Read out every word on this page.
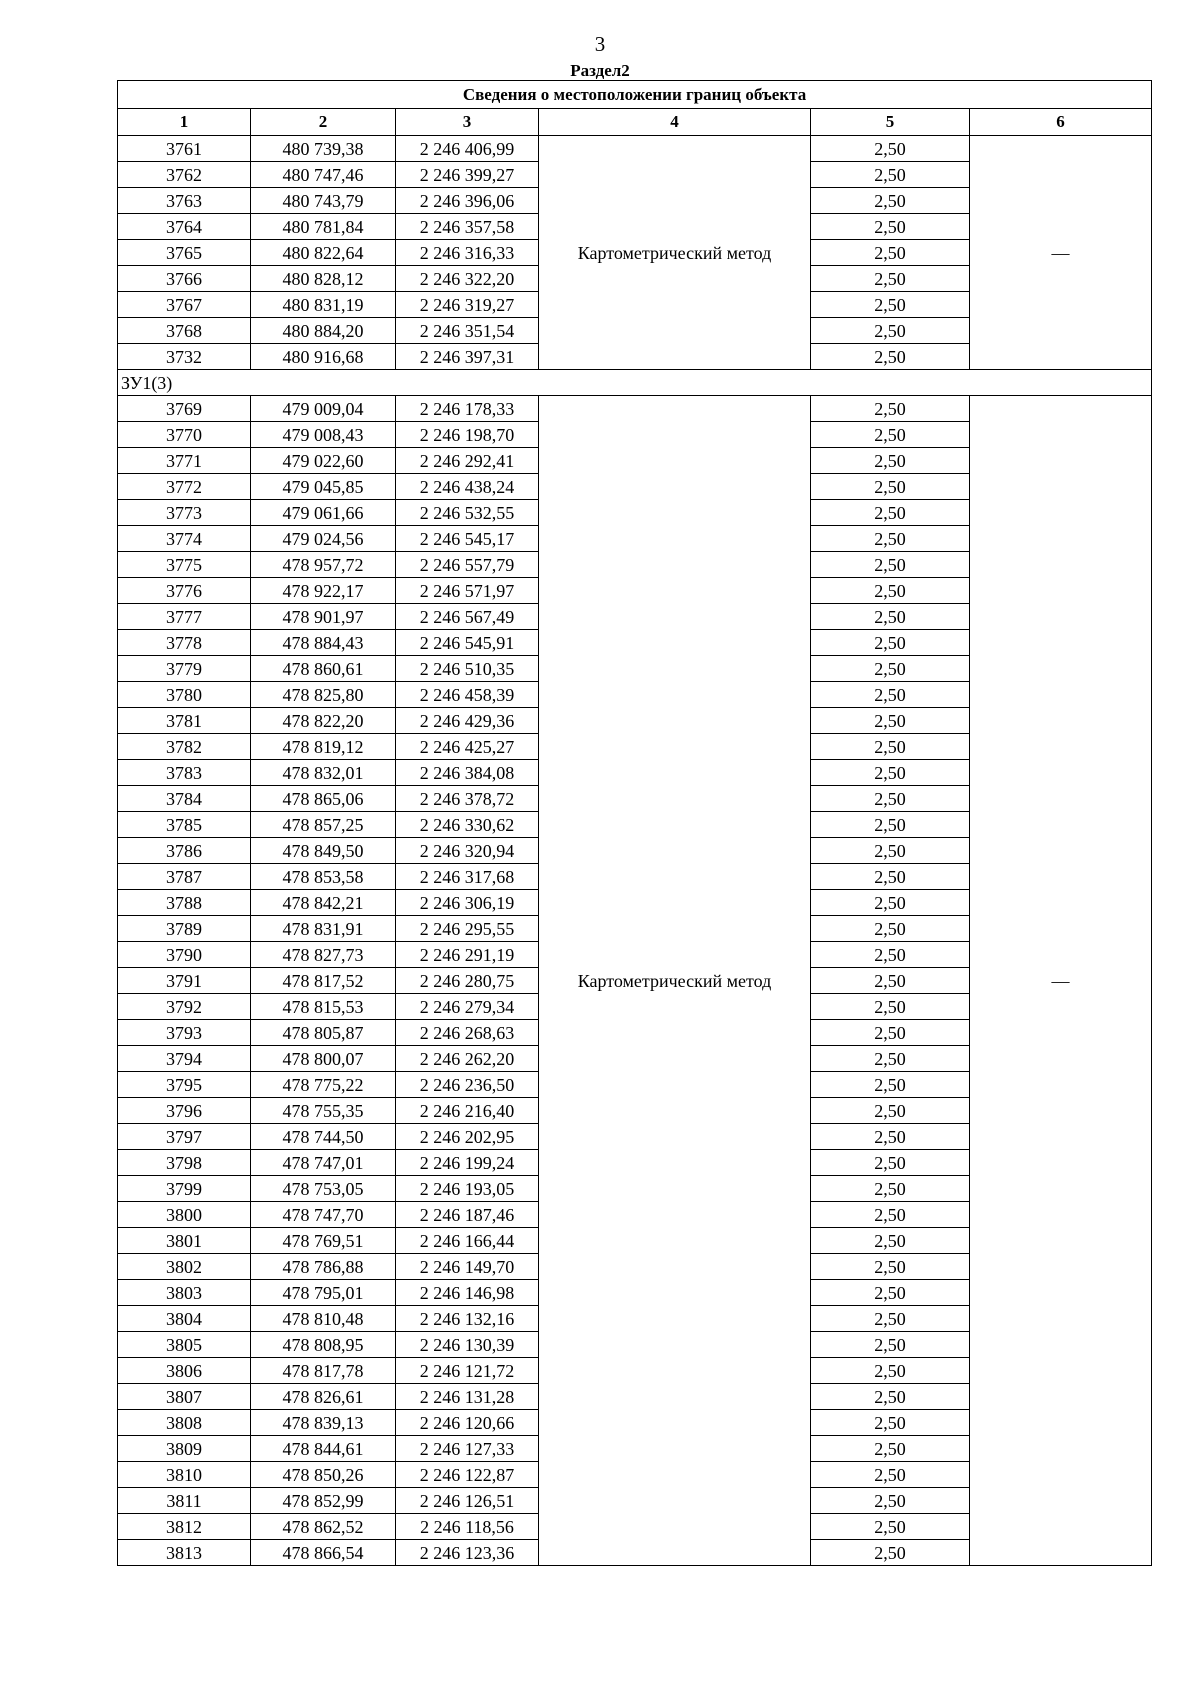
3
Раздел2
Сведения о местоположении границ объекта					
1	2	3	4	5	6
3761	480 739,38	2 246 406,99	Картометрический метод	2,50	—
3762	480 747,46	2 246 399,27		2,50	
3763	480 743,79	2 246 396,06		2,50	
3764	480 781,84	2 246 357,58		2,50	
3765	480 822,64	2 246 316,33		2,50	
3766	480 828,12	2 246 322,20		2,50	
3767	480 831,19	2 246 319,27		2,50	
3768	480 884,20	2 246 351,54		2,50	
3732	480 916,68	2 246 397,31		2,50	
ЗУ1(3)					
3769	479 009,04	2 246 178,33	Картометрический метод	2,50	—
3770	479 008,43	2 246 198,70		2,50	
3771	479 022,60	2 246 292,41		2,50	
3772	479 045,85	2 246 438,24		2,50	
3773	479 061,66	2 246 532,55		2,50	
3774	479 024,56	2 246 545,17		2,50	
3775	478 957,72	2 246 557,79		2,50	
3776	478 922,17	2 246 571,97		2,50	
3777	478 901,97	2 246 567,49		2,50	
3778	478 884,43	2 246 545,91		2,50	
3779	478 860,61	2 246 510,35		2,50	
3780	478 825,80	2 246 458,39		2,50	
3781	478 822,20	2 246 429,36		2,50	
3782	478 819,12	2 246 425,27		2,50	
3783	478 832,01	2 246 384,08		2,50	
3784	478 865,06	2 246 378,72		2,50	
3785	478 857,25	2 246 330,62		2,50	
3786	478 849,50	2 246 320,94		2,50	
3787	478 853,58	2 246 317,68		2,50	
3788	478 842,21	2 246 306,19		2,50	
3789	478 831,91	2 246 295,55		2,50	
3790	478 827,73	2 246 291,19		2,50	
3791	478 817,52	2 246 280,75		2,50	
3792	478 815,53	2 246 279,34		2,50	
3793	478 805,87	2 246 268,63		2,50	
3794	478 800,07	2 246 262,20		2,50	
3795	478 775,22	2 246 236,50		2,50	
3796	478 755,35	2 246 216,40		2,50	
3797	478 744,50	2 246 202,95		2,50	
3798	478 747,01	2 246 199,24		2,50	
3799	478 753,05	2 246 193,05		2,50	
3800	478 747,70	2 246 187,46		2,50	
3801	478 769,51	2 246 166,44		2,50	
3802	478 786,88	2 246 149,70		2,50	
3803	478 795,01	2 246 146,98		2,50	
3804	478 810,48	2 246 132,16		2,50	
3805	478 808,95	2 246 130,39		2,50	
3806	478 817,78	2 246 121,72		2,50	
3807	478 826,61	2 246 131,28		2,50	
3808	478 839,13	2 246 120,66		2,50	
3809	478 844,61	2 246 127,33		2,50	
3810	478 850,26	2 246 122,87		2,50	
3811	478 852,99	2 246 126,51		2,50	
3812	478 862,52	2 246 118,56		2,50	
3813	478 866,54	2 246 123,36		2,50	
